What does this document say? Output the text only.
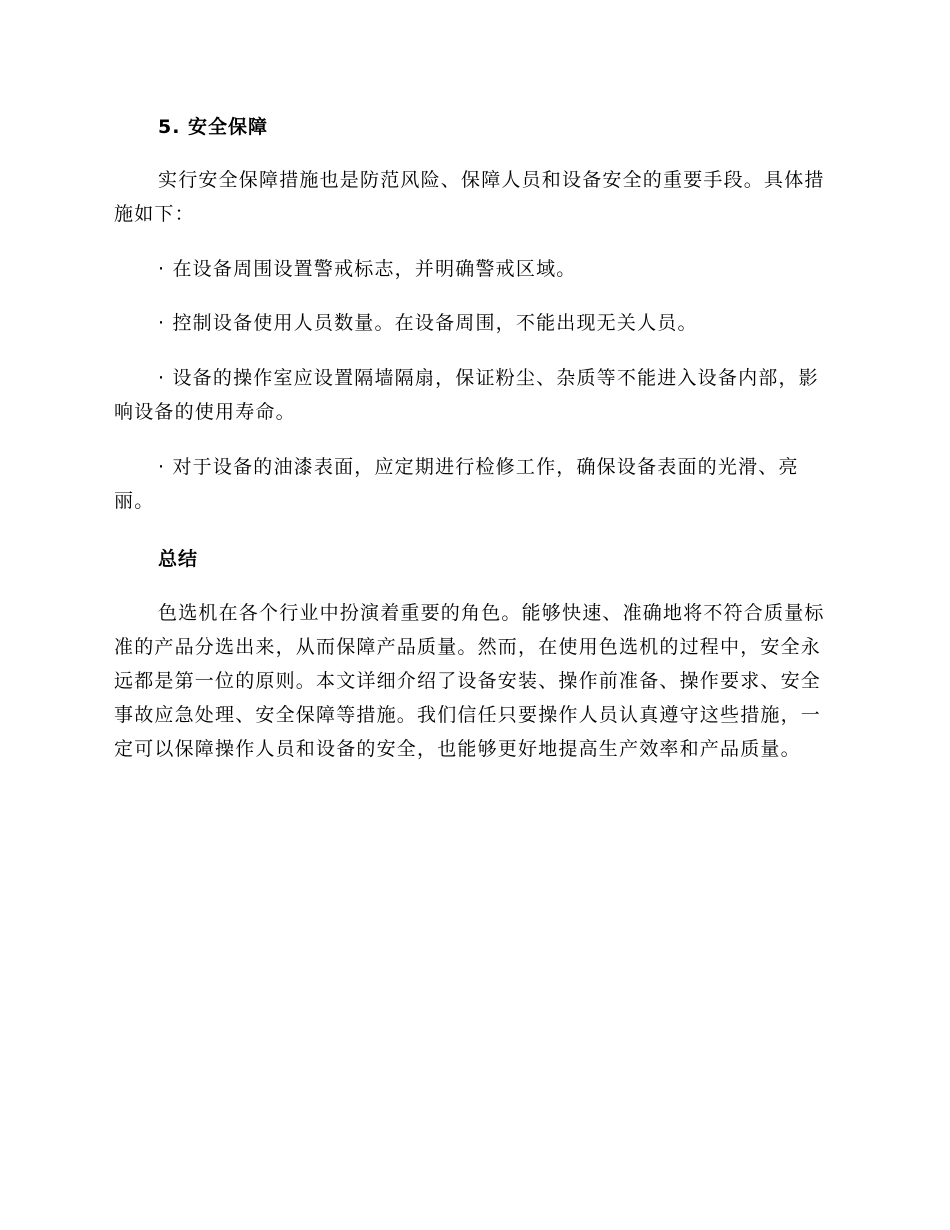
5. 安全保障

实行安全保障措施也是防范风险、保障人员和设备安全的重要手段。具体措施如下：

· 在设备周围设置警戒标志，并明确警戒区域。

· 控制设备使用人员数量。在设备周围，不能出现无关人员。

· 设备的操作室应设置隔墙隔扇，保证粉尘、杂质等不能进入设备内部，影响设备的使用寿命。

· 对于设备的油漆表面，应定期进行检修工作，确保设备表面的光滑、亮丽。

总结

色选机在各个行业中扮演着重要的角色。能够快速、准确地将不符合质量标准的产品分选出来，从而保障产品质量。然而，在使用色选机的过程中，安全永远都是第一位的原则。本文详细介绍了设备安装、操作前准备、操作要求、安全事故应急处理、安全保障等措施。我们信任只要操作人员认真遵守这些措施，一定可以保障操作人员和设备的安全，也能够更好地提高生产效率和产品质量。
